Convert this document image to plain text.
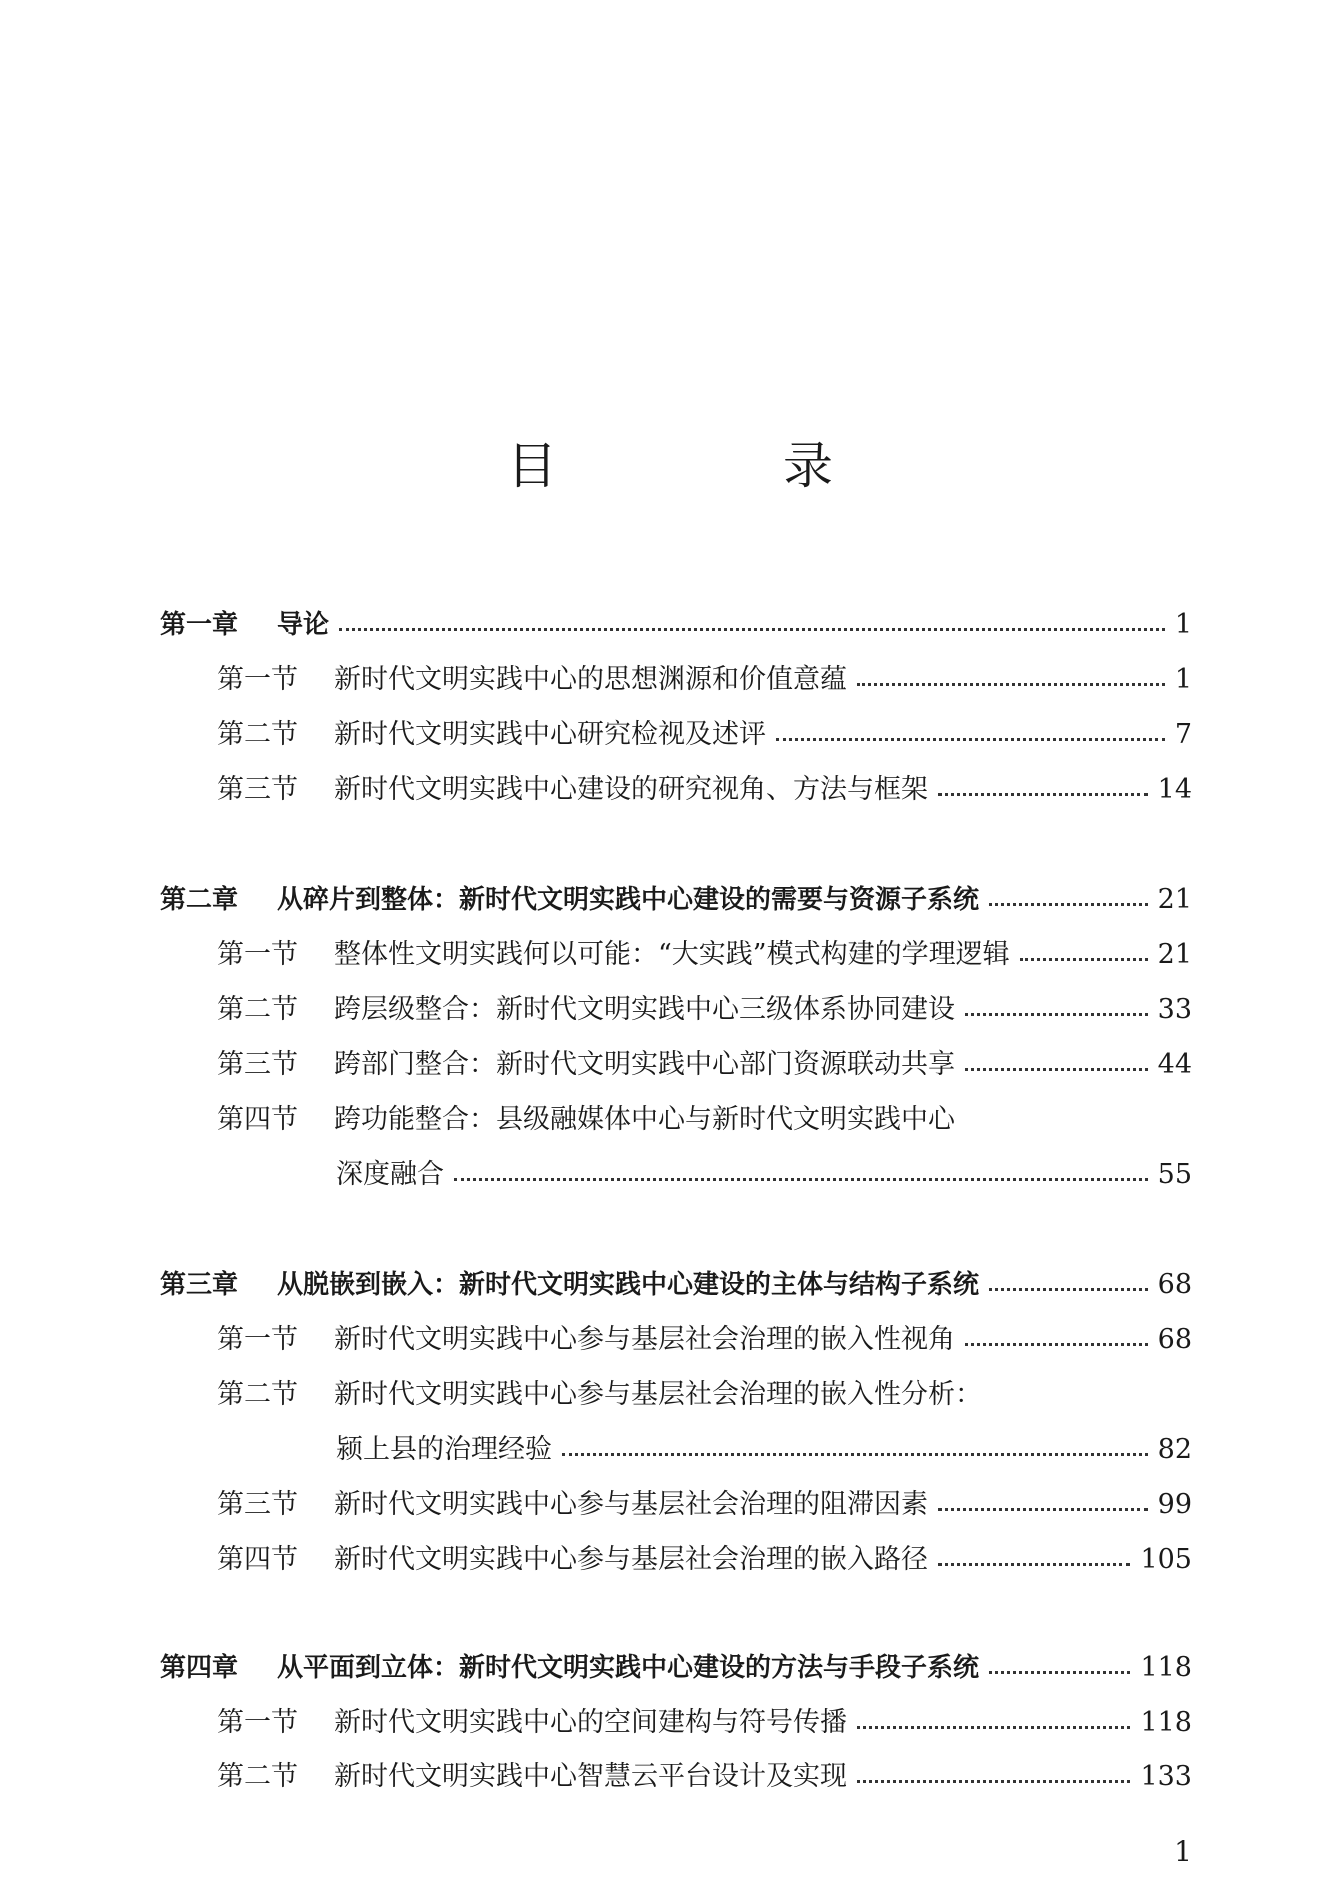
目　录
第一章	导论	1
第一节	新时代文明实践中心的思想渊源和价值意蕴	1
第二节	新时代文明实践中心研究检视及述评	7
第三节	新时代文明实践中心建设的研究视角、方法与框架	14
第二章	从碎片到整体：新时代文明实践中心建设的需要与资源子系统	21
第一节	整体性文明实践何以可能：“大实践”模式构建的学理逻辑	21
第二节	跨层级整合：新时代文明实践中心三级体系协同建设	33
第三节	跨部门整合：新时代文明实践中心部门资源联动共享	44
第四节	跨功能整合：县级融媒体中心与新时代文明实践中心
深度融合	55
第三章	从脱嵌到嵌入：新时代文明实践中心建设的主体与结构子系统	68
第一节	新时代文明实践中心参与基层社会治理的嵌入性视角	68
第二节	新时代文明实践中心参与基层社会治理的嵌入性分析：
颍上县的治理经验	82
第三节	新时代文明实践中心参与基层社会治理的阻滞因素	99
第四节	新时代文明实践中心参与基层社会治理的嵌入路径	105
第四章	从平面到立体：新时代文明实践中心建设的方法与手段子系统	118
第一节	新时代文明实践中心的空间建构与符号传播	118
第二节	新时代文明实践中心智慧云平台设计及实现	133
1
